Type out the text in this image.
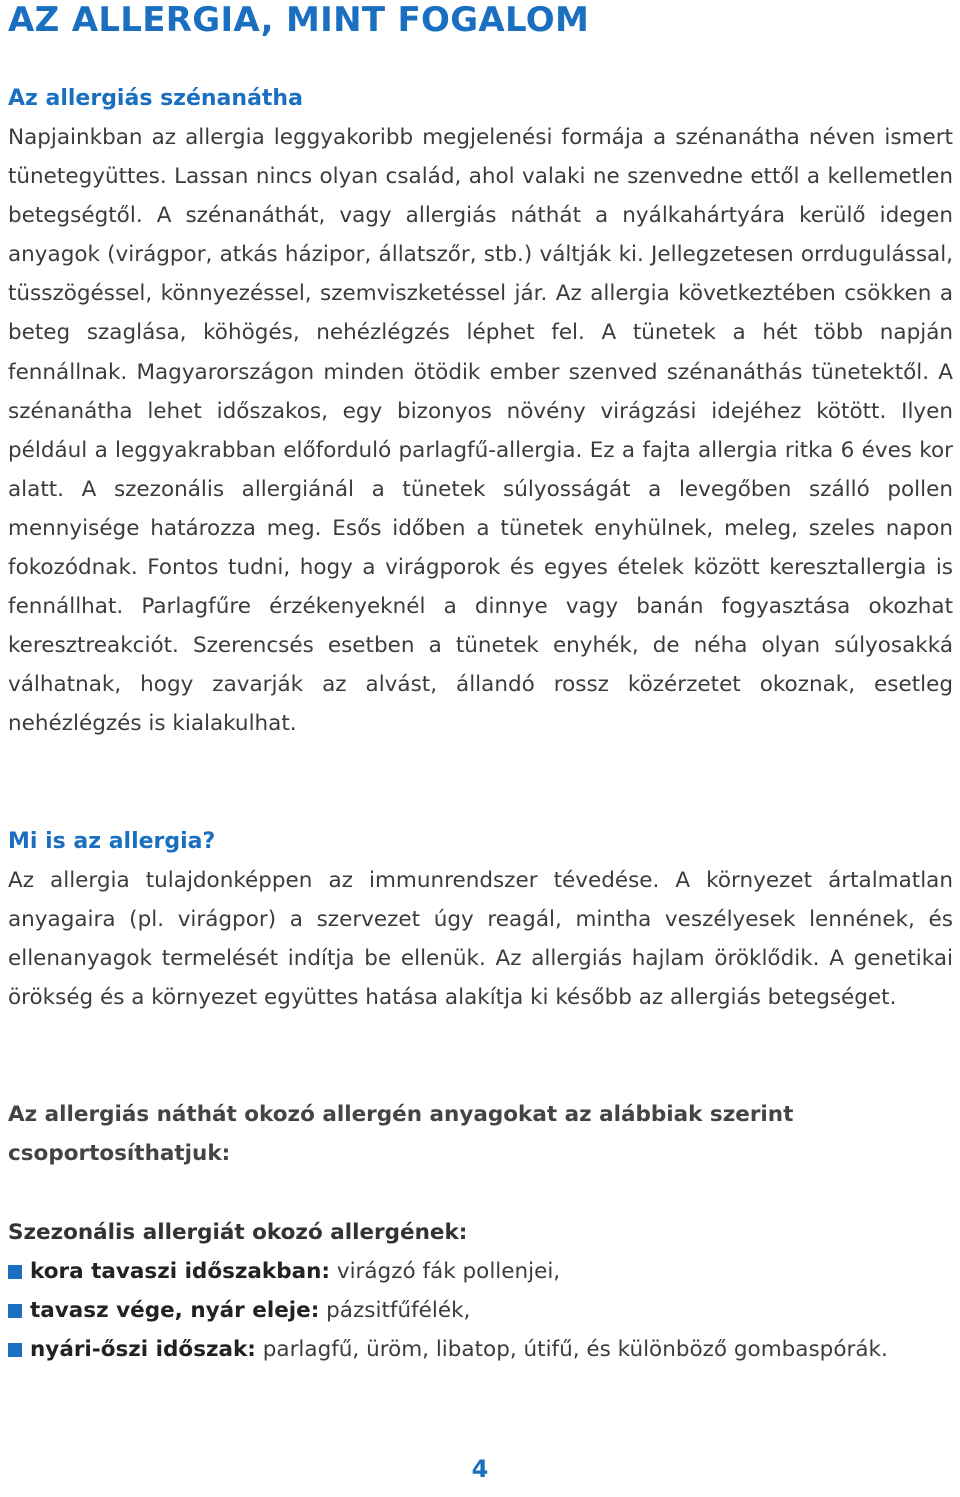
AZ ALLERGIA, MINT FOGALOM
Az allergiás szénanátha
Napjainkban az allergia leggyakoribb megjelenési formája a szénanátha néven ismert tünetegyüttes. Lassan nincs olyan család, ahol valaki ne szenvedne ettől a kellemetlen betegségtől. A szénanáthát, vagy allergiás náthát a nyálkahártyára kerülő idegen anyagok (virágpor, atkás házipor, állatszőr, stb.) váltják ki. Jellegzetesen orrdugulással, tüsszögéssel, könnyezéssel, szemviszketéssel jár. Az allergia következtében csökken a beteg szaglása, köhögés, nehézlégzés léphet fel. A tünetek a hét több napján fennállnak. Magyarországon minden ötödik ember szenved szénanáthás tünetektől. A szénanátha lehet időszakos, egy bizonyos növény virágzási idejéhez kötött. Ilyen például a leggyakrabban előforduló parlagfű-allergia. Ez a fajta allergia ritka 6 éves kor alatt. A szezonális allergiánál a tünetek súlyosságát a levegőben szálló pollen mennyisége határozza meg. Esős időben a tünetek enyhülnek, meleg, szeles napon fokozódnak. Fontos tudni, hogy a virágporok és egyes ételek között keresztallergia is fennállhat. Parlagfűre érzékenyeknél a dinnye vagy banán fogyasztása okozhat keresztreakciót. Szerencsés esetben a tünetek enyhék, de néha olyan súlyosakká válhatnak, hogy zavarják az alvást, állandó rossz közérzetet okoznak, esetleg nehézlégzés is kialakulhat.
Mi is az allergia?
Az allergia tulajdonképpen az immunrendszer tévedése. A környezet ártalmatlan anyagaira (pl. virágpor) a szervezet úgy reagál, mintha veszélyesek lennének, és ellenanyagok termelését indítja be ellenük. Az allergiás hajlam öröklődik. A genetikai örökség és a környezet együttes hatása alakítja ki később az allergiás betegséget.
Az allergiás náthát okozó allergén anyagokat az alábbiak szerint csoportosíthatjuk:
Szezonális allergiát okozó allergének:
kora tavaszi időszakban: virágzó fák pollenjei,
tavasz vége, nyár eleje: pázsitfűfélék,
nyári-őszi időszak: parlagfű, üröm, libatop, útifű, és különböző gombaspórák.
4
